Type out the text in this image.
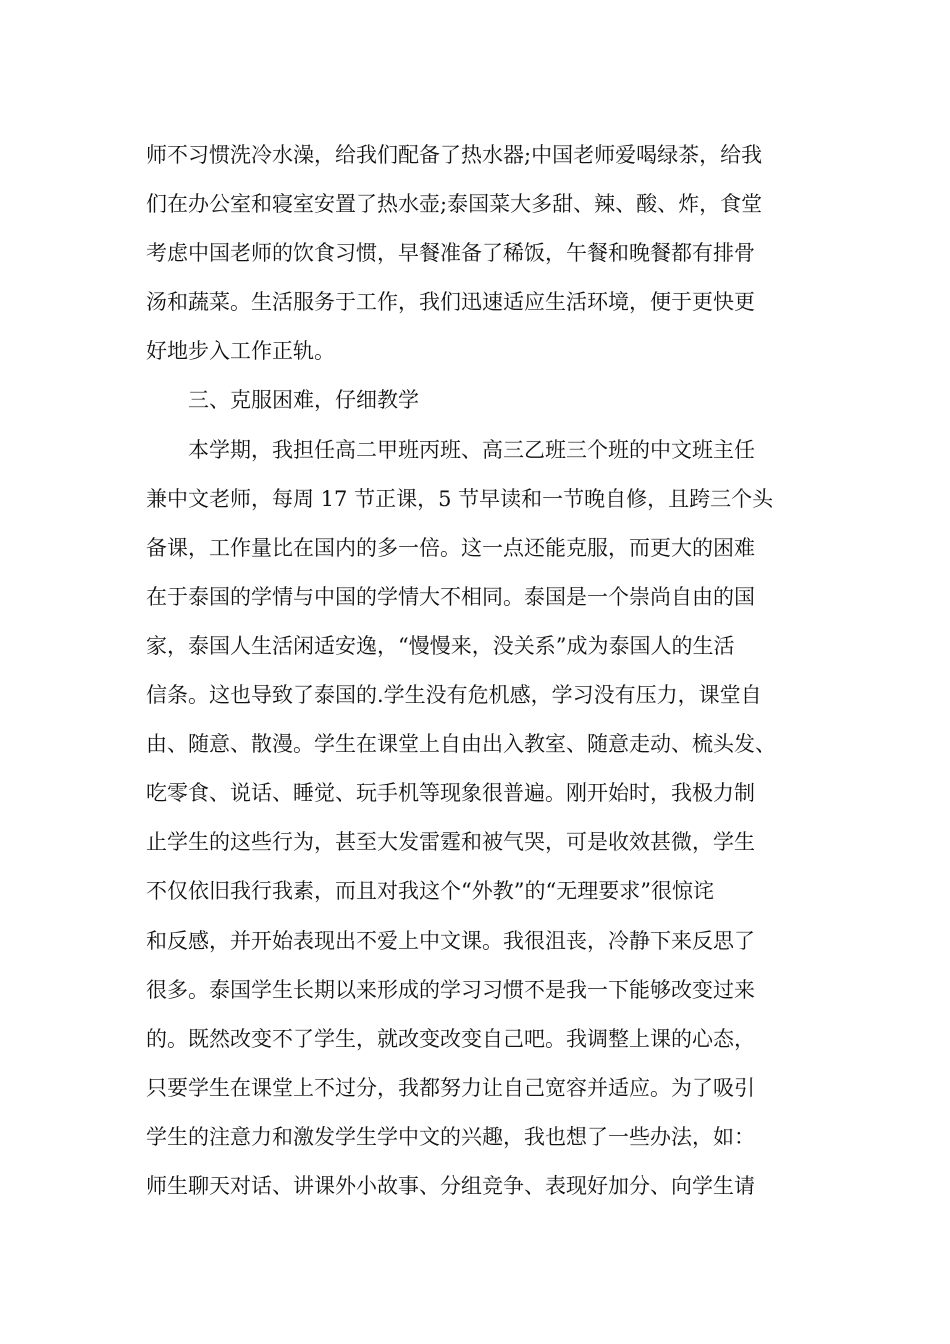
师不习惯洗冷水澡，给我们配备了热水器;中国老师爱喝绿茶，给我
们在办公室和寝室安置了热水壶;泰国菜大多甜、辣、酸、炸，食堂
考虑中国老师的饮食习惯，早餐准备了稀饭，午餐和晚餐都有排骨
汤和蔬菜。生活服务于工作，我们迅速适应生活环境，便于更快更
好地步入工作正轨。
三、克服困难，仔细教学
本学期，我担任高二甲班丙班、高三乙班三个班的中文班主任
兼中文老师，每周 17 节正课，5 节早读和一节晚自修，且跨三个头
备课，工作量比在国内的多一倍。这一点还能克服，而更大的困难
在于泰国的学情与中国的学情大不相同。泰国是一个崇尚自由的国
家，泰国人生活闲适安逸，“慢慢来，没关系”成为泰国人的生活
信条。这也导致了泰国的.学生没有危机感，学习没有压力，课堂自
由、随意、散漫。学生在课堂上自由出入教室、随意走动、梳头发、
吃零食、说话、睡觉、玩手机等现象很普遍。刚开始时，我极力制
止学生的这些行为，甚至大发雷霆和被气哭，可是收效甚微，学生
不仅依旧我行我素，而且对我这个“外教”的“无理要求”很惊诧
和反感，并开始表现出不爱上中文课。我很沮丧，冷静下来反思了
很多。泰国学生长期以来形成的学习习惯不是我一下能够改变过来
的。既然改变不了学生，就改变改变自己吧。我调整上课的心态，
只要学生在课堂上不过分，我都努力让自己宽容并适应。为了吸引
学生的注意力和激发学生学中文的兴趣，我也想了一些办法，如：
师生聊天对话、讲课外小故事、分组竞争、表现好加分、向学生请
